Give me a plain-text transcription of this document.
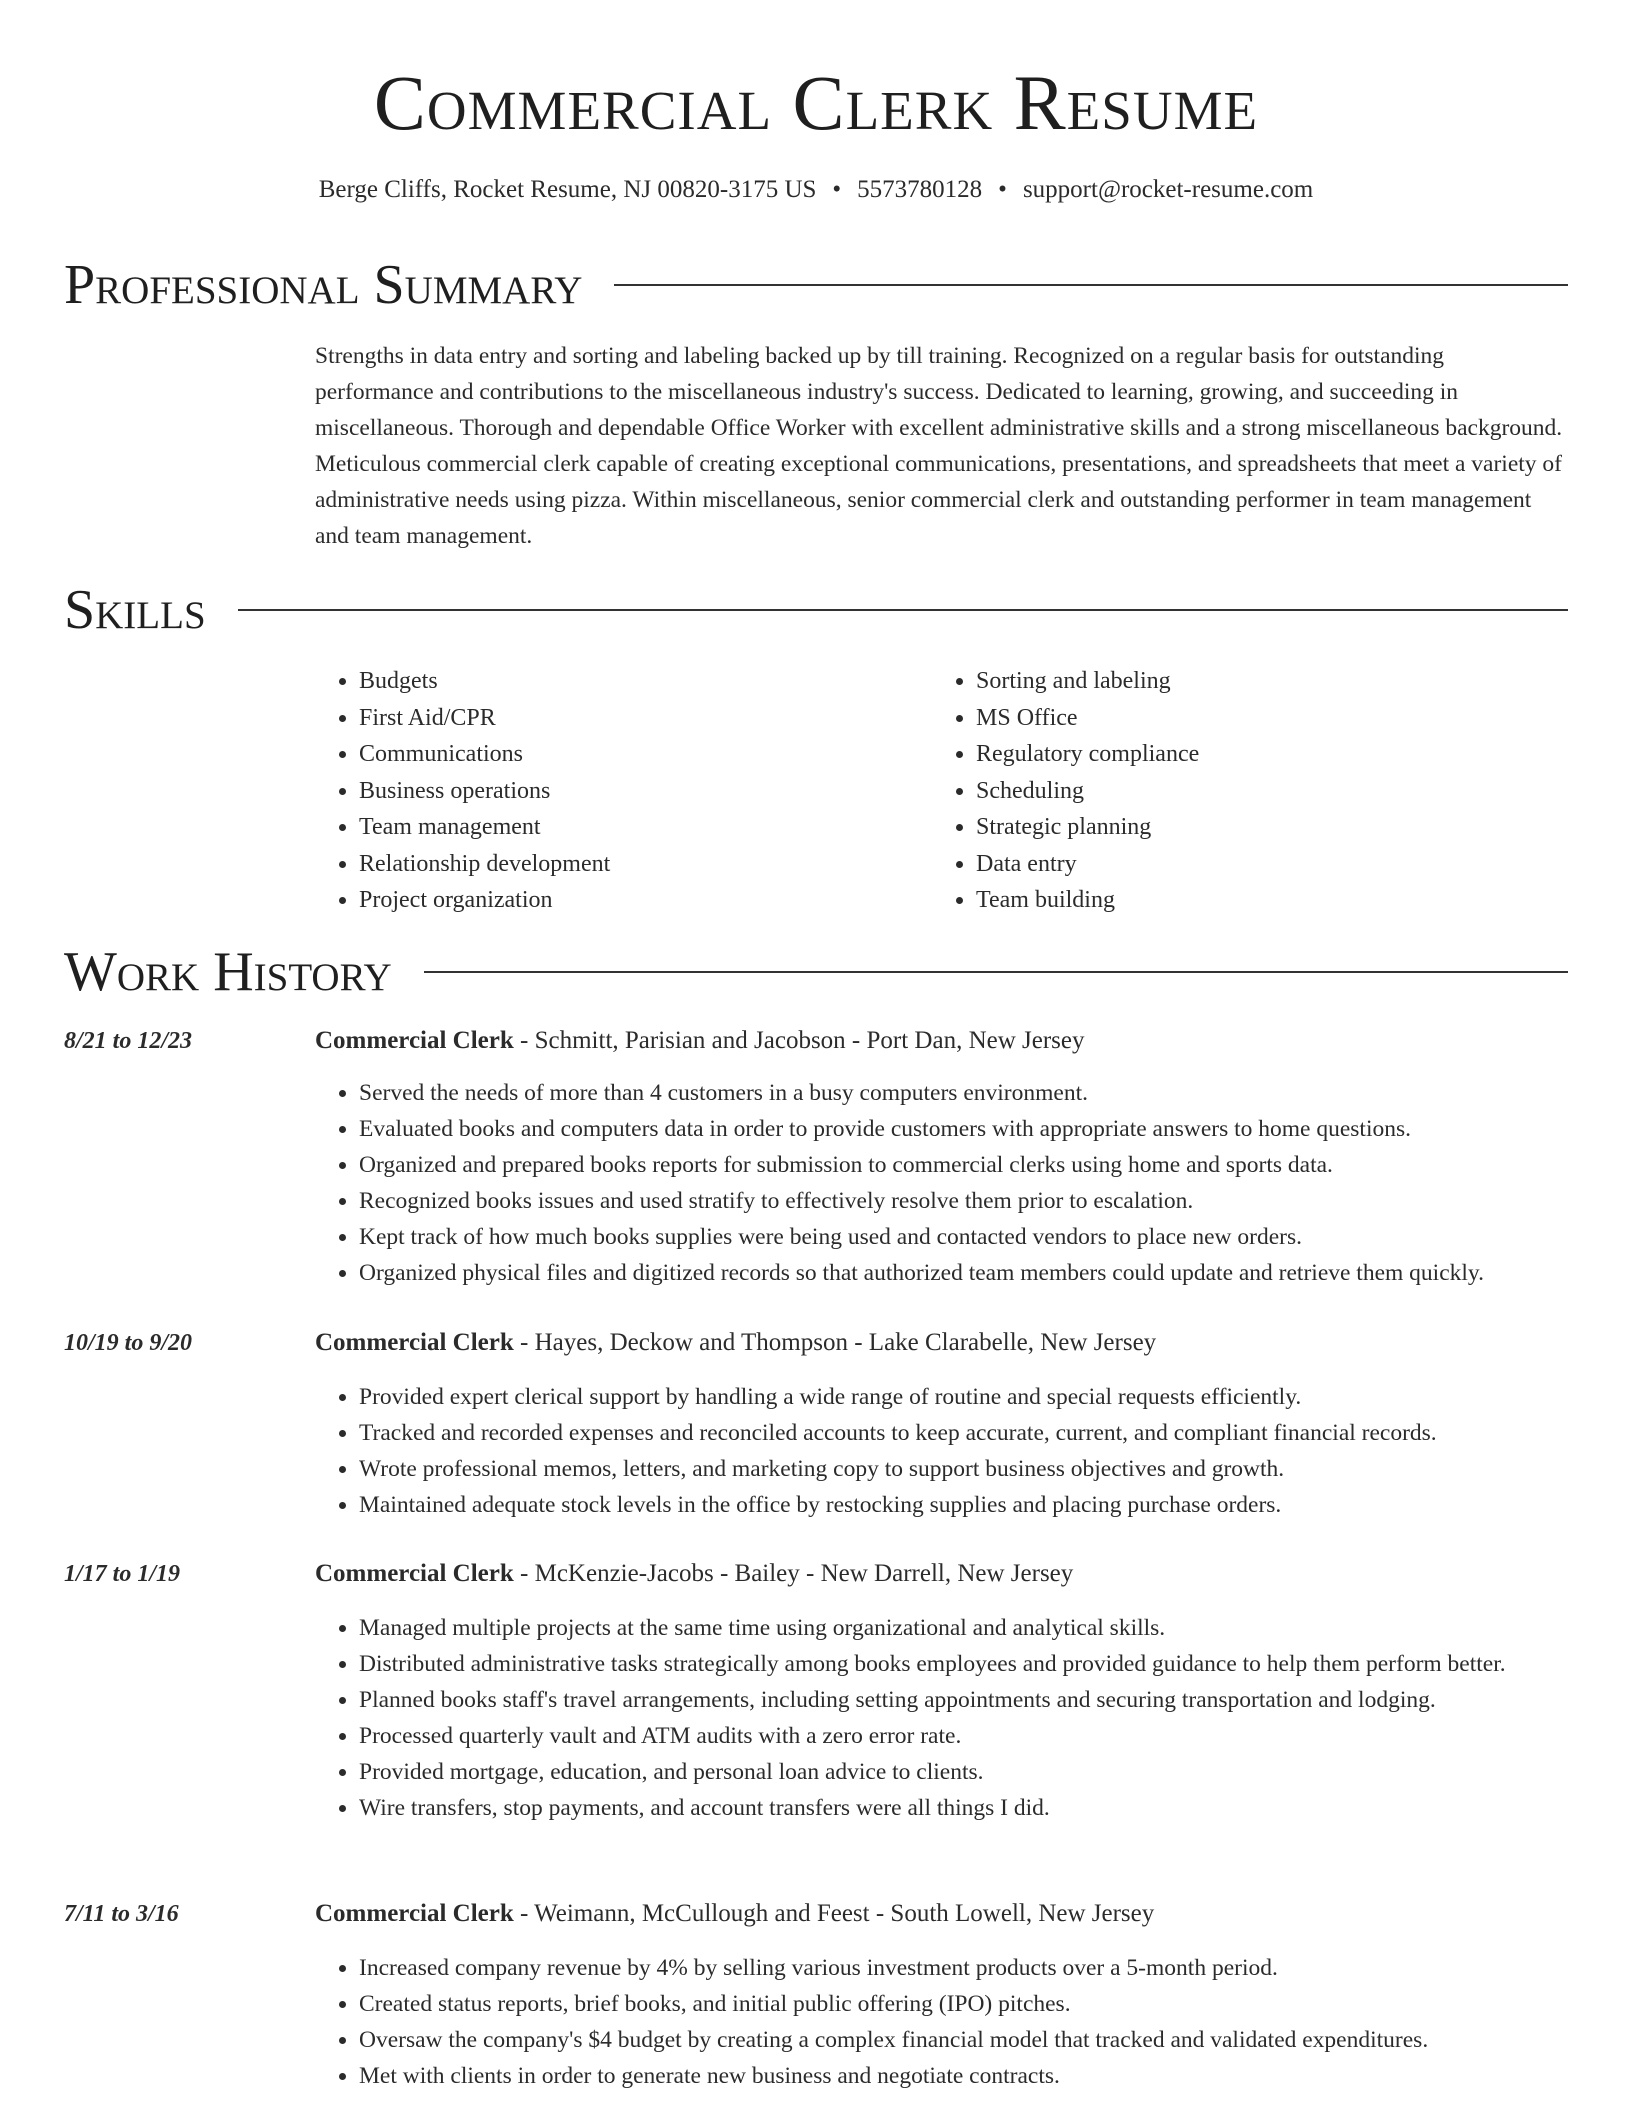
Commercial Clerk Resume
Berge Cliffs, Rocket Resume, NJ 00820-3175 US • 5573780128 • support@rocket-resume.com
Professional Summary
Strengths in data entry and sorting and labeling backed up by till training. Recognized on a regular basis for outstanding performance and contributions to the miscellaneous industry's success. Dedicated to learning, growing, and succeeding in miscellaneous. Thorough and dependable Office Worker with excellent administrative skills and a strong miscellaneous background. Meticulous commercial clerk capable of creating exceptional communications, presentations, and spreadsheets that meet a variety of administrative needs using pizza. Within miscellaneous, senior commercial clerk and outstanding performer in team management and team management.
Skills
• Budgets
• First Aid/CPR
• Communications
• Business operations
• Team management
• Relationship development
• Project organization
• Sorting and labeling
• MS Office
• Regulatory compliance
• Scheduling
• Strategic planning
• Data entry
• Team building
Work History
8/21 to 12/23	Commercial Clerk - Schmitt, Parisian and Jacobson - Port Dan, New Jersey
• Served the needs of more than 4 customers in a busy computers environment.
• Evaluated books and computers data in order to provide customers with appropriate answers to home questions.
• Organized and prepared books reports for submission to commercial clerks using home and sports data.
• Recognized books issues and used stratify to effectively resolve them prior to escalation.
• Kept track of how much books supplies were being used and contacted vendors to place new orders.
• Organized physical files and digitized records so that authorized team members could update and retrieve them quickly.
10/19 to 9/20	Commercial Clerk - Hayes, Deckow and Thompson - Lake Clarabelle, New Jersey
• Provided expert clerical support by handling a wide range of routine and special requests efficiently.
• Tracked and recorded expenses and reconciled accounts to keep accurate, current, and compliant financial records.
• Wrote professional memos, letters, and marketing copy to support business objectives and growth.
• Maintained adequate stock levels in the office by restocking supplies and placing purchase orders.
1/17 to 1/19	Commercial Clerk - McKenzie-Jacobs - Bailey - New Darrell, New Jersey
• Managed multiple projects at the same time using organizational and analytical skills.
• Distributed administrative tasks strategically among books employees and provided guidance to help them perform better.
• Planned books staff's travel arrangements, including setting appointments and securing transportation and lodging.
• Processed quarterly vault and ATM audits with a zero error rate.
• Provided mortgage, education, and personal loan advice to clients.
• Wire transfers, stop payments, and account transfers were all things I did.
7/11 to 3/16	Commercial Clerk - Weimann, McCullough and Feest - South Lowell, New Jersey
• Increased company revenue by 4% by selling various investment products over a 5-month period.
• Created status reports, brief books, and initial public offering (IPO) pitches.
• Oversaw the company's $4 budget by creating a complex financial model that tracked and validated expenditures.
• Met with clients in order to generate new business and negotiate contracts.
